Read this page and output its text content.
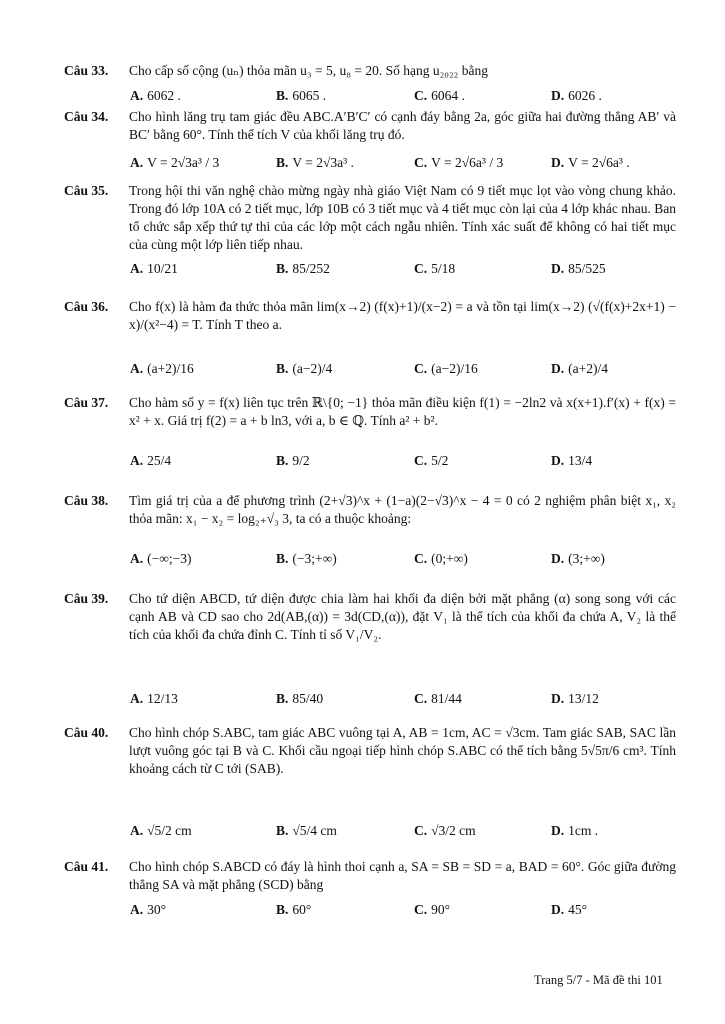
Câu 33. Cho cấp số cộng (uₙ) thỏa mãn u₃ = 5, u₈ = 20. Số hạng u₂₀₂₂ bằng
A. 6062 .	B. 6065 .	C. 6064 .	D. 6026 .
Câu 34. Cho hình lăng trụ tam giác đều ABC.A′B′C′ có cạnh đáy bằng 2a, góc giữa hai đường thẳng AB′ và BC′ bằng 60°. Tính thể tích V của khối lăng trụ đó.
A. V = 2√3a³ / 3	B. V = 2√3a³ .	C. V = 2√6a³ / 3	D. V = 2√6a³ .
Câu 35. Trong hội thi văn nghệ chào mừng ngày nhà giáo Việt Nam có 9 tiết mục lọt vào vòng chung khảo. Trong đó lớp 10A có 2 tiết mục, lớp 10B có 3 tiết mục và 4 tiết mục còn lại của 4 lớp khác nhau. Ban tổ chức sắp xếp thứ tự thi của các lớp một cách ngẫu nhiên. Tính xác suất để không có hai tiết mục của cùng một lớp liên tiếp nhau.
A. 10/21	B. 85/252	C. 5/18	D. 85/525
Câu 36. Cho f(x) là hàm đa thức thỏa mãn lim(x→2) (f(x)+1)/(x−2) = a và tồn tại lim(x→2) (√(f(x)+2x+1) − x)/(x²−4) = T. Tính T theo a.
A. (a+2)/16	B. (a−2)/4	C. (a−2)/16	D. (a+2)/4
Câu 37. Cho hàm số y = f(x) liên tục trên ℝ\{0; −1} thỏa mãn điều kiện f(1) = −2ln2 và x(x+1).f′(x) + f(x) = x² + x. Giá trị f(2) = a + b ln3, với a, b ∈ ℚ. Tính a² + b².
A. 25/4	B. 9/2	C. 5/2	D. 13/4
Câu 38. Tìm giá trị của a để phương trình (2+√3)^x + (1−a)(2−√3)^x − 4 = 0 có 2 nghiệm phân biệt x₁, x₂ thỏa mãn: x₁ − x₂ = log₂₊√₃ 3, ta có a thuộc khoảng:
A. (−∞;−3)	B. (−3;+∞)	C. (0;+∞)	D. (3;+∞)
Câu 39. Cho tứ diện ABCD, tứ diện được chia làm hai khối đa diện bởi mặt phẳng (α) song song với các cạnh AB và CD sao cho 2d(AB,(α)) = 3d(CD,(α)), đặt V₁ là thể tích của khối đa chứa A, V₂ là thể tích của khối đa chứa đỉnh C. Tính tỉ số V₁/V₂.
A. 12/13	B. 85/40	C. 81/44	D. 13/12
Câu 40. Cho hình chóp S.ABC, tam giác ABC vuông tại A, AB = 1cm, AC = √3cm. Tam giác SAB, SAC lần lượt vuông góc tại B và C. Khối cầu ngoại tiếp hình chóp S.ABC có thể tích bằng 5√5π/6 cm³. Tính khoảng cách từ C tới (SAB).
A. √5/2 cm	B. √5/4 cm	C. √3/2 cm	D. 1cm .
Câu 41. Cho hình chóp S.ABCD có đáy là hình thoi cạnh a, SA = SB = SD = a, BAD = 60°. Góc giữa đường thẳng SA và mặt phẳng (SCD) bằng
A. 30°	B. 60°	C. 90°	D. 45°
Trang 5/7 - Mã đề thi 101
